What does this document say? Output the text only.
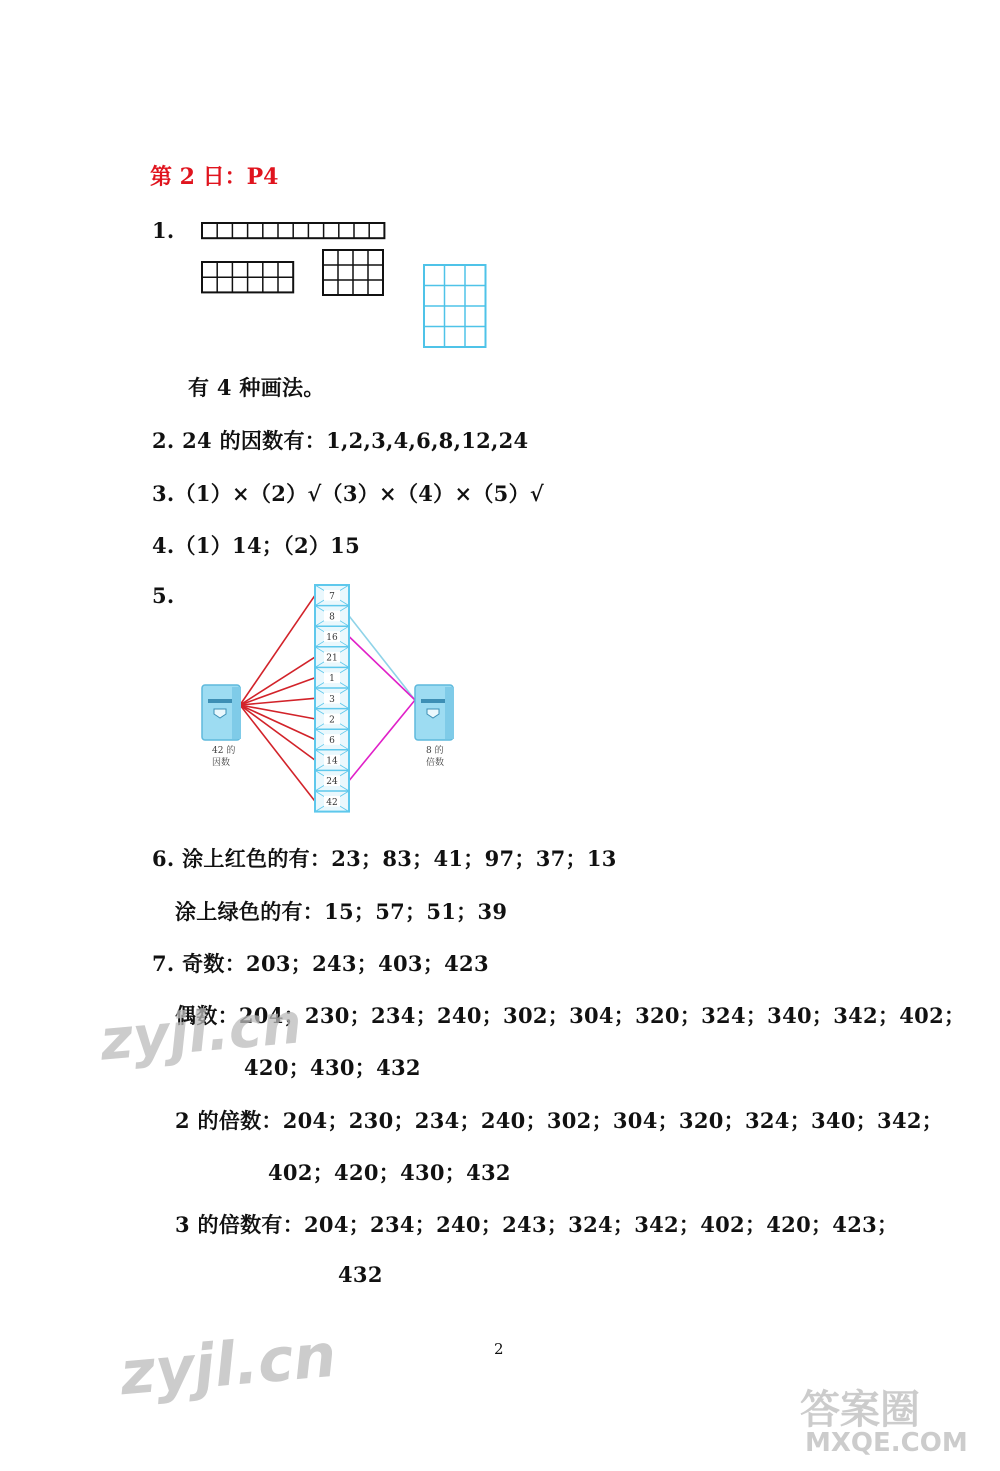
第 2 日：P4
1.
有 4 种画法。
2. 24 的因数有：1,2,3,4,6,8,12,24
3.（1）×（2）√（3）×（4）×（5）√
4.（1）14；（2）15
5.	7
8
16
21
1
3
2
6
14
24
42
42 的
因数
8 的
倍数
6. 涂上红色的有：23；83；41；97；37；13
涂上绿色的有：15；57；51；39
7. 奇数：203；243；403；423
偶数：204；230；234；240；302；304；320；324；340；342；402；
420；430；432
2 的倍数：204；230；234；240；302；304；320；324；340；342；
402；420；430；432
3 的倍数有：204；234；240；243；324；342；402；420；423；
432
2
zyjl.cn
zyjl.cn
答案圈
MXQE.COM
